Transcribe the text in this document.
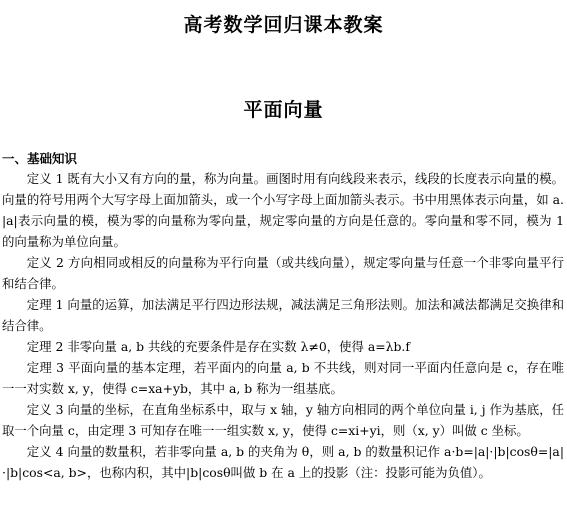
高考数学回归课本教案
平面向量
一、基础知识

定义 1 既有大小又有方向的量，称为向量。画图时用有向线段来表示，线段的长度表示向量的模。向量的符号用两个大写字母上面加箭头，或一个小写字母上面加箭头表示。书中用黑体表示向量，如 a. |a|表示向量的模，模为零的向量称为零向量，规定零向量的方向是任意的。零向量和零不同，模为 1 的向量称为单位向量。

定义 2 方向相同或相反的向量称为平行向量（或共线向量），规定零向量与任意一个非零向量平行和结合律。

定理 1 向量的运算，加法满足平行四边形法规，减法满足三角形法则。加法和减法都满足交换律和结合律。

定理 2 非零向量 a, b 共线的充要条件是存在实数 λ≠0，使得 a=λb.f

定理 3 平面向量的基本定理，若平面内的向量 a, b 不共线，则对同一平面内任意向是 c，存在唯一一对实数 x, y，使得 c=xa+yb，其中 a, b 称为一组基底。

定义 3 向量的坐标，在直角坐标系中，取与 x 轴，y 轴方向相同的两个单位向量 i, j 作为基底，任取一个向量 c，由定理 3 可知存在唯一一组实数 x, y，使得 c=xi+yi，则（x, y）叫做 c 坐标。

定义 4 向量的数量积，若非零向量 a, b 的夹角为 θ，则 a, b 的数量积记作 a·b=|a|·|b|cosθ=|a|·|b|cos<a, b>，也称内积，其中|b|cosθ叫做 b 在 a 上的投影（注：投影可能为负值）。
